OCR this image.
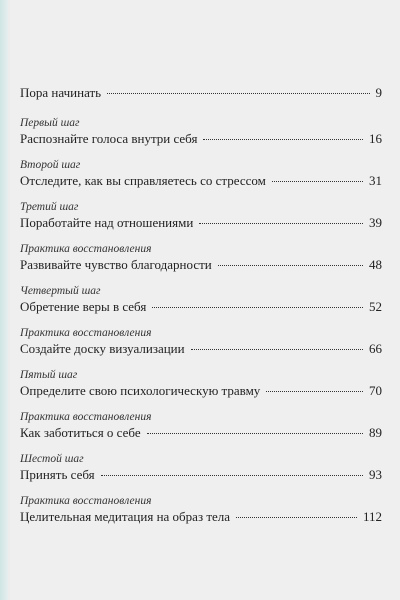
Пора начинать	9
Первый шаг
Распознайте голоса внутри себя	16
Второй шаг
Отследите, как вы справляетесь со стрессом	31
Третий шаг
Поработайте над отношениями	39
Практика восстановления
Развивайте чувство благодарности	48
Четвертый шаг
Обретение веры в себя	52
Практика восстановления
Создайте доску визуализации	66
Пятый шаг
Определите свою психологическую травму	70
Практика восстановления
Как заботиться о себе	89
Шестой шаг
Принять себя	93
Практика восстановления
Целительная медитация на образ тела	112
